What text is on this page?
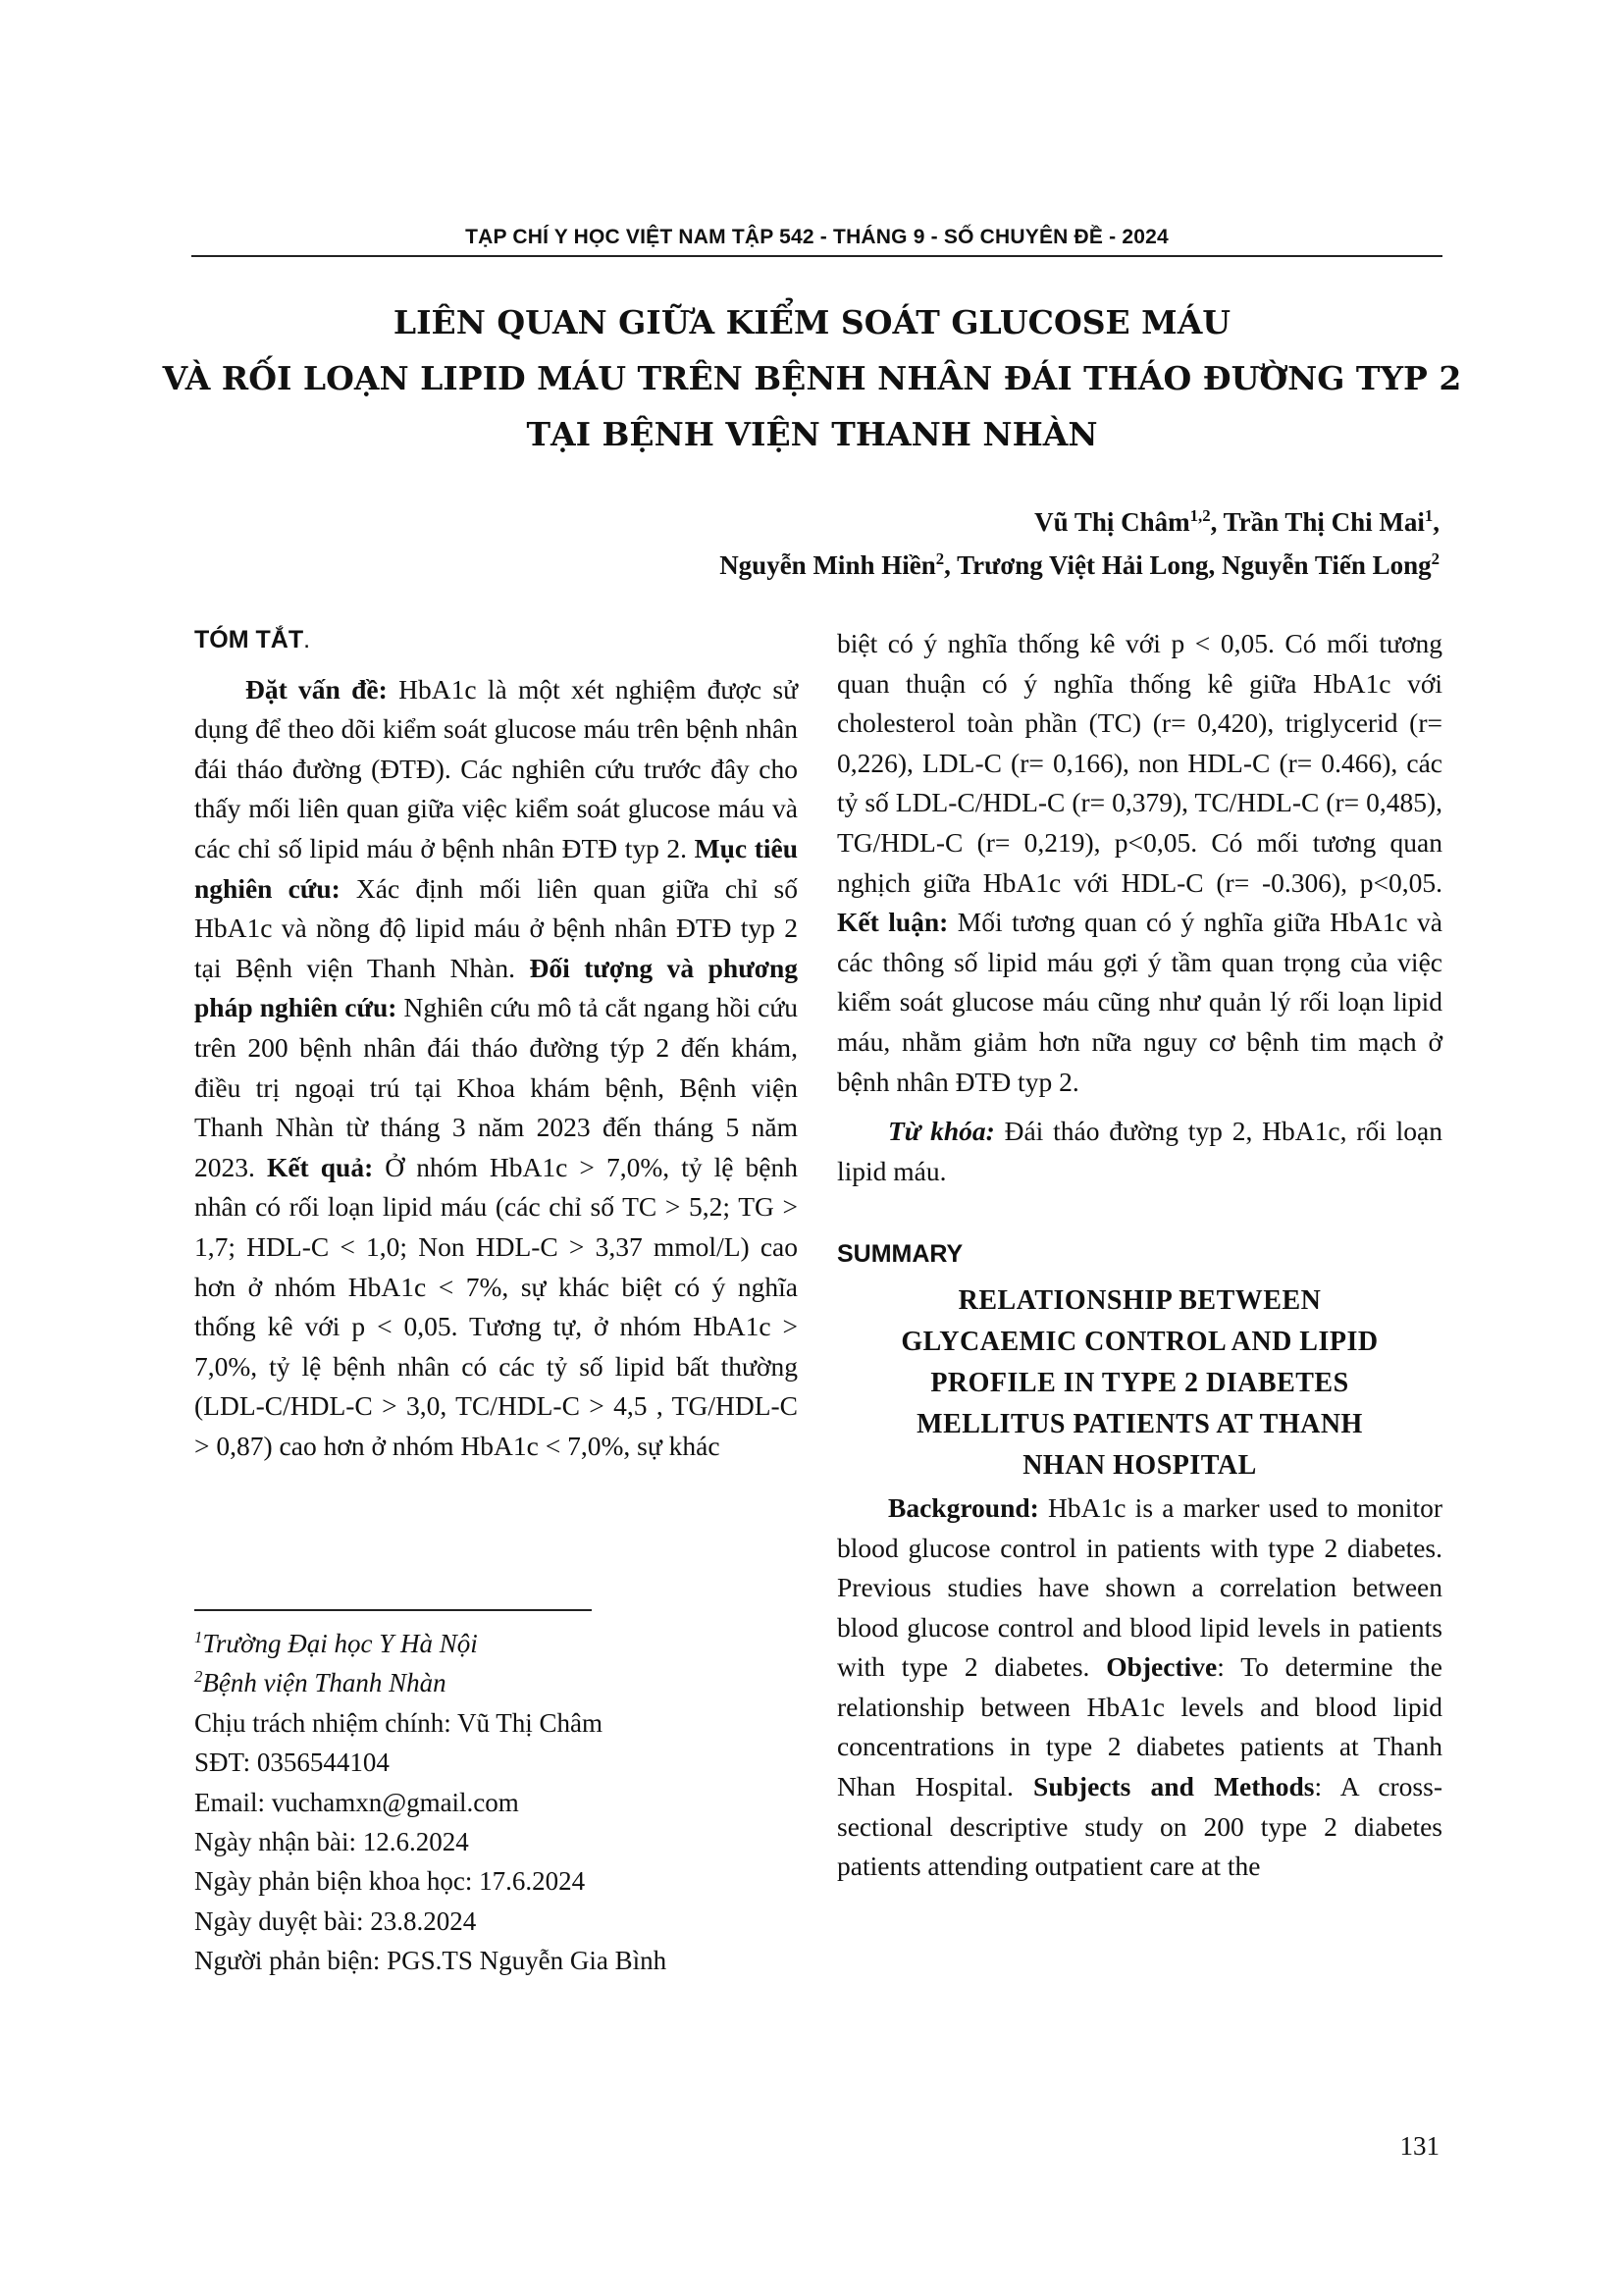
TẠP CHÍ Y HỌC VIỆT NAM TẬP 542 - THÁNG 9 - SỐ CHUYÊN ĐỀ - 2024
LIÊN QUAN GIỮA KIỂM SOÁT GLUCOSE MÁU
VÀ RỐI LOẠN LIPID MÁU TRÊN BỆNH NHÂN ĐÁI THÁO ĐƯỜNG TYP 2
TẠI BỆNH VIỆN THANH NHÀN
Vũ Thị Châm$^{1,2}$, Trần Thị Chi Mai$^1$,
Nguyễn Minh Hiền$^2$, Trương Việt Hải Long, Nguyễn Tiến Long$^2$
TÓM TẮT.

Đặt vấn đề: HbA1c là một xét nghiệm được sử dụng để theo dõi kiểm soát glucose máu trên bệnh nhân đái tháo đường (ĐTĐ). Các nghiên cứu trước đây cho thấy mối liên quan giữa việc kiểm soát glucose máu và các chỉ số lipid máu ở bệnh nhân ĐTĐ typ 2. Mục tiêu nghiên cứu: Xác định mối liên quan giữa chỉ số HbA1c và nồng độ lipid máu ở bệnh nhân ĐTĐ typ 2 tại Bệnh viện Thanh Nhàn. Đối tượng và phương pháp nghiên cứu: Nghiên cứu mô tả cắt ngang hồi cứu trên 200 bệnh nhân đái tháo đường týp 2 đến khám, điều trị ngoại trú tại Khoa khám bệnh, Bệnh viện Thanh Nhàn từ tháng 3 năm 2023 đến tháng 5 năm 2023. Kết quả: Ở nhóm HbA1c > 7,0%, tỷ lệ bệnh nhân có rối loạn lipid máu (các chỉ số TC > 5,2; TG > 1,7; HDL-C < 1,0; Non HDL-C > 3,37 mmol/L) cao hơn ở nhóm HbA1c < 7%, sự khác biệt có ý nghĩa thống kê với p < 0,05. Tương tự, ở nhóm HbA1c > 7,0%, tỷ lệ bệnh nhân có các tỷ số lipid bất thường (LDL-C/HDL-C > 3,0, TC/HDL-C > 4,5 , TG/HDL-C > 0,87) cao hơn ở nhóm HbA1c < 7,0%, sự khác

$^1$Trường Đại học Y Hà Nội
$^2$Bệnh viện Thanh Nhàn
Chịu trách nhiệm chính: Vũ Thị Châm
SĐT: 0356544104
Email: vuchamxn@gmail.com
Ngày nhận bài: 12.6.2024
Ngày phản biện khoa học: 17.6.2024
Ngày duyệt bài: 23.8.2024
Người phản biện: PGS.TS Nguyễn Gia Bình

biệt có ý nghĩa thống kê với p < 0,05. Có mối tương quan thuận có ý nghĩa thống kê giữa HbA1c với cholesterol toàn phần (TC) (r= 0,420), triglycerid (r= 0,226), LDL-C (r= 0,166), non HDL-C (r= 0.466), các tỷ số LDL-C/HDL-C (r= 0,379), TC/HDL-C (r= 0,485), TG/HDL-C (r= 0,219), p<0,05. Có mối tương quan nghịch giữa HbA1c với HDL-C (r= -0.306), p<0,05. Kết luận: Mối tương quan có ý nghĩa giữa HbA1c và các thông số lipid máu gợi ý tầm quan trọng của việc kiểm soát glucose máu cũng như quản lý rối loạn lipid máu, nhằm giảm hơn nữa nguy cơ bệnh tim mạch ở bệnh nhân ĐTĐ typ 2.

Từ khóa: Đái tháo đường typ 2, HbA1c, rối loạn lipid máu.

SUMMARY
RELATIONSHIP BETWEEN
GLYCAEMIC CONTROL AND LIPID
PROFILE IN TYPE 2 DIABETES
MELLITUS PATIENTS AT THANH
NHAN HOSPITAL

Background: HbA1c is a marker used to monitor blood glucose control in patients with type 2 diabetes. Previous studies have shown a correlation between blood glucose control and blood lipid levels in patients with type 2 diabetes. Objective: To determine the relationship between HbA1c levels and blood lipid concentrations in type 2 diabetes patients at Thanh Nhan Hospital. Subjects and Methods: A cross-sectional descriptive study on 200 type 2 diabetes patients attending outpatient care at the

131
